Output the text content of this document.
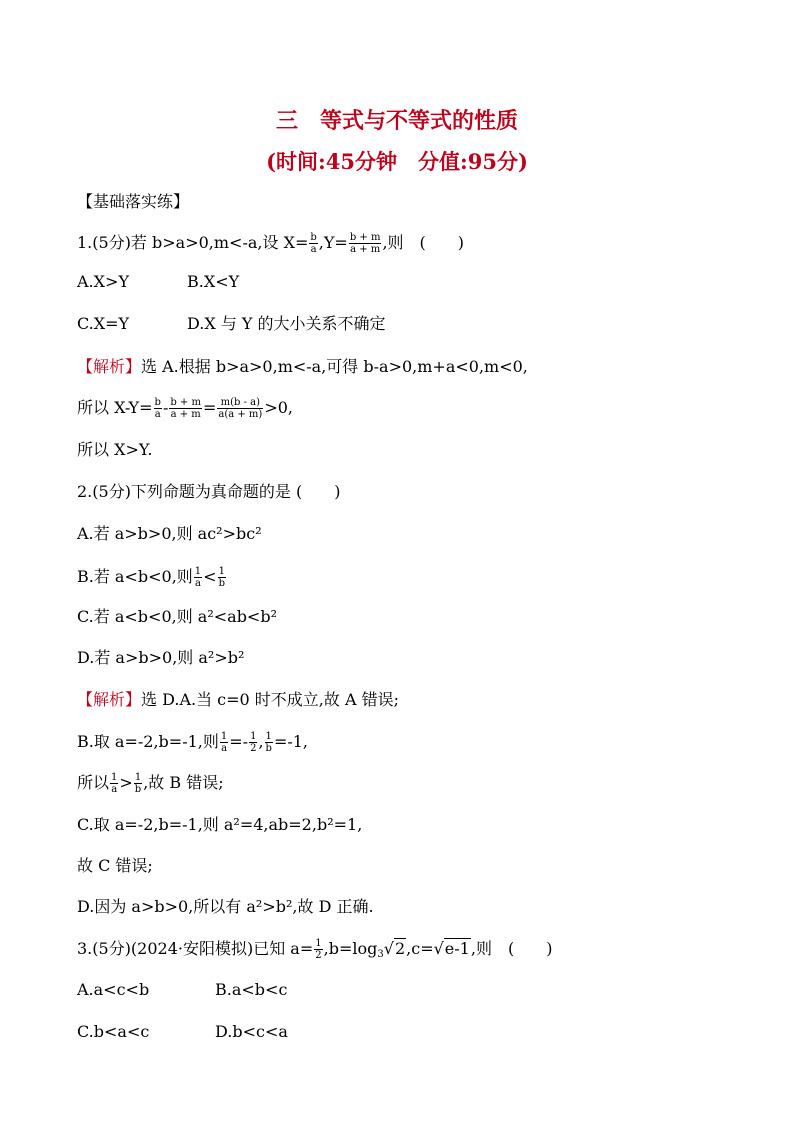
三　等式与不等式的性质
(时间:45分钟　分值:95分)
【基础落实练】
1.(5分)若 b>a>0,m<-a,设 $X= \frac{b}{a} ,Y= \frac{b + m}{a + m}$ ,则　(　　)
A.X>Y	B.X<Y
C.X=Y	D.X 与 Y 的大小关系不确定
【解析】选 A.根据 b>a>0,m<-a,可得 b-a>0,m+a<0,m<0,
所以 $X-Y= \frac{b}{a} - \frac{b + m}{a + m} = \frac{m(b - a)}{a(a + m)} >0$,
所以 X>Y.
2.(5分)下列命题为真命题的是 (　　)
A.若 a>b>0,则 ac²>bc²
B.若 a<b<0,则 $\frac{1}{a} < \frac{1}{b}$
C.若 a<b<0,则 a²<ab<b²
D.若 a>b>0,则 a²>b²
【解析】选 D.A.当 c=0 时不成立,故 A 错误;
B.取 a=-2,b=-1,则 $\frac{1}{a} =- \frac{1}{2}$ , $\frac{1}{b} =-1$,
所以 $\frac{1}{a} > \frac{1}{b}$ ,故 B 错误;
C.取 a=-2,b=-1,则 a²=4,ab=2,b²=1,
故 C 错误;
D.因为 a>b>0,所以有 a²>b²,故 D 正确.
3.(5分)(2024·安阳模拟)已知 $a= \frac{1}{2} ,b=\log_3√2,c=√e-1$,则　(　　)
A.a<c<b	B.a<b<c
C.b<a<c	D.b<c<a
